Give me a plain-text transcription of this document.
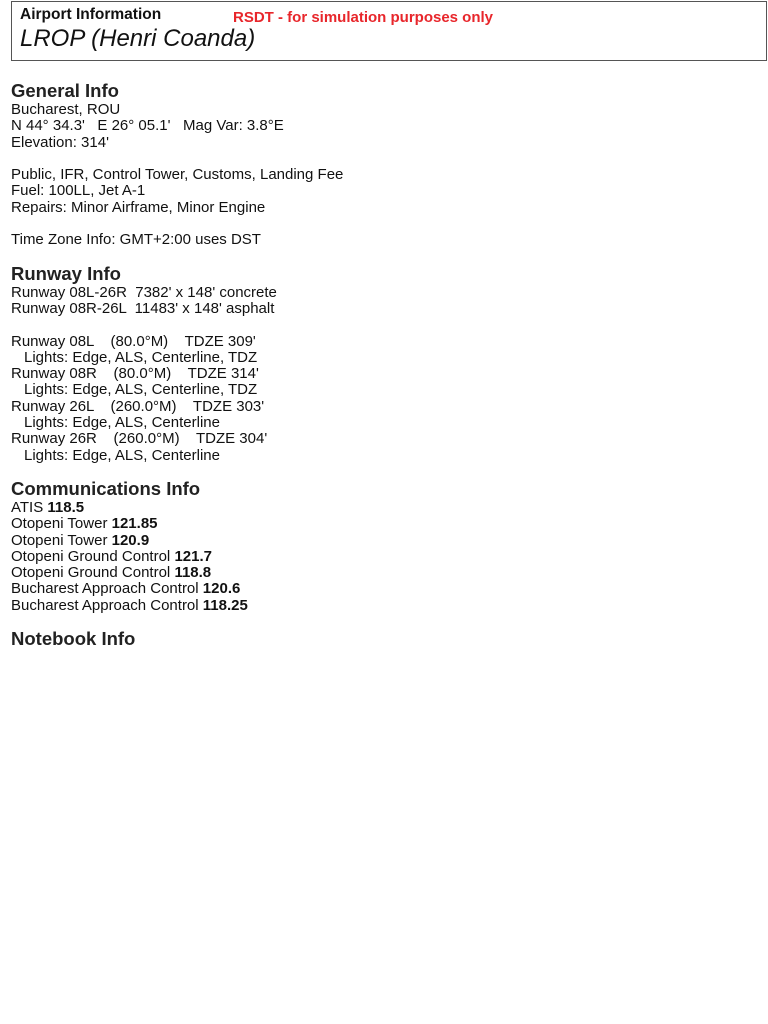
Airport Information	RSDT - for simulation purposes only
LROP (Henri Coanda)
General Info
Bucharest, ROU
N 44° 34.3'   E 26° 05.1'   Mag Var: 3.8°E
Elevation: 314'
Public, IFR, Control Tower, Customs, Landing Fee
Fuel: 100LL, Jet A-1
Repairs: Minor Airframe, Minor Engine
Time Zone Info: GMT+2:00 uses DST
Runway Info
Runway 08L-26R  7382' x 148' concrete
Runway 08R-26L  11483' x 148' asphalt
Runway 08L    (80.0°M)    TDZE 309'
Lights: Edge, ALS, Centerline, TDZ
Runway 08R    (80.0°M)    TDZE 314'
Lights: Edge, ALS, Centerline, TDZ
Runway 26L    (260.0°M)    TDZE 303'
Lights: Edge, ALS, Centerline
Runway 26R    (260.0°M)    TDZE 304'
Lights: Edge, ALS, Centerline
Communications Info
ATIS 118.5
Otopeni Tower 121.85
Otopeni Tower 120.9
Otopeni Ground Control 121.7
Otopeni Ground Control 118.8
Bucharest Approach Control 120.6
Bucharest Approach Control 118.25
Notebook Info
